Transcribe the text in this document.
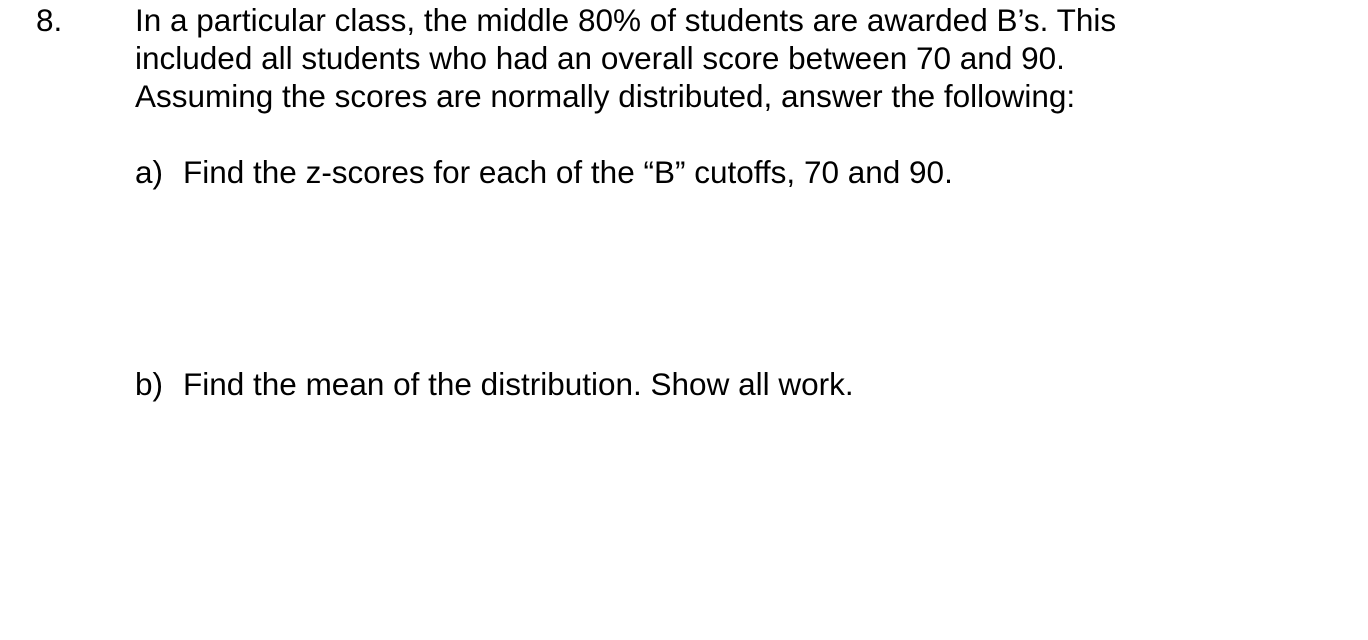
8. In a particular class, the middle 80% of students are awarded B’s. This
included all students who had an overall score between 70 and 90.
Assuming the scores are normally distributed, answer the following:
a) Find the z-scores for each of the “B” cutoffs, 70 and 90.
b) Find the mean of the distribution. Show all work.
